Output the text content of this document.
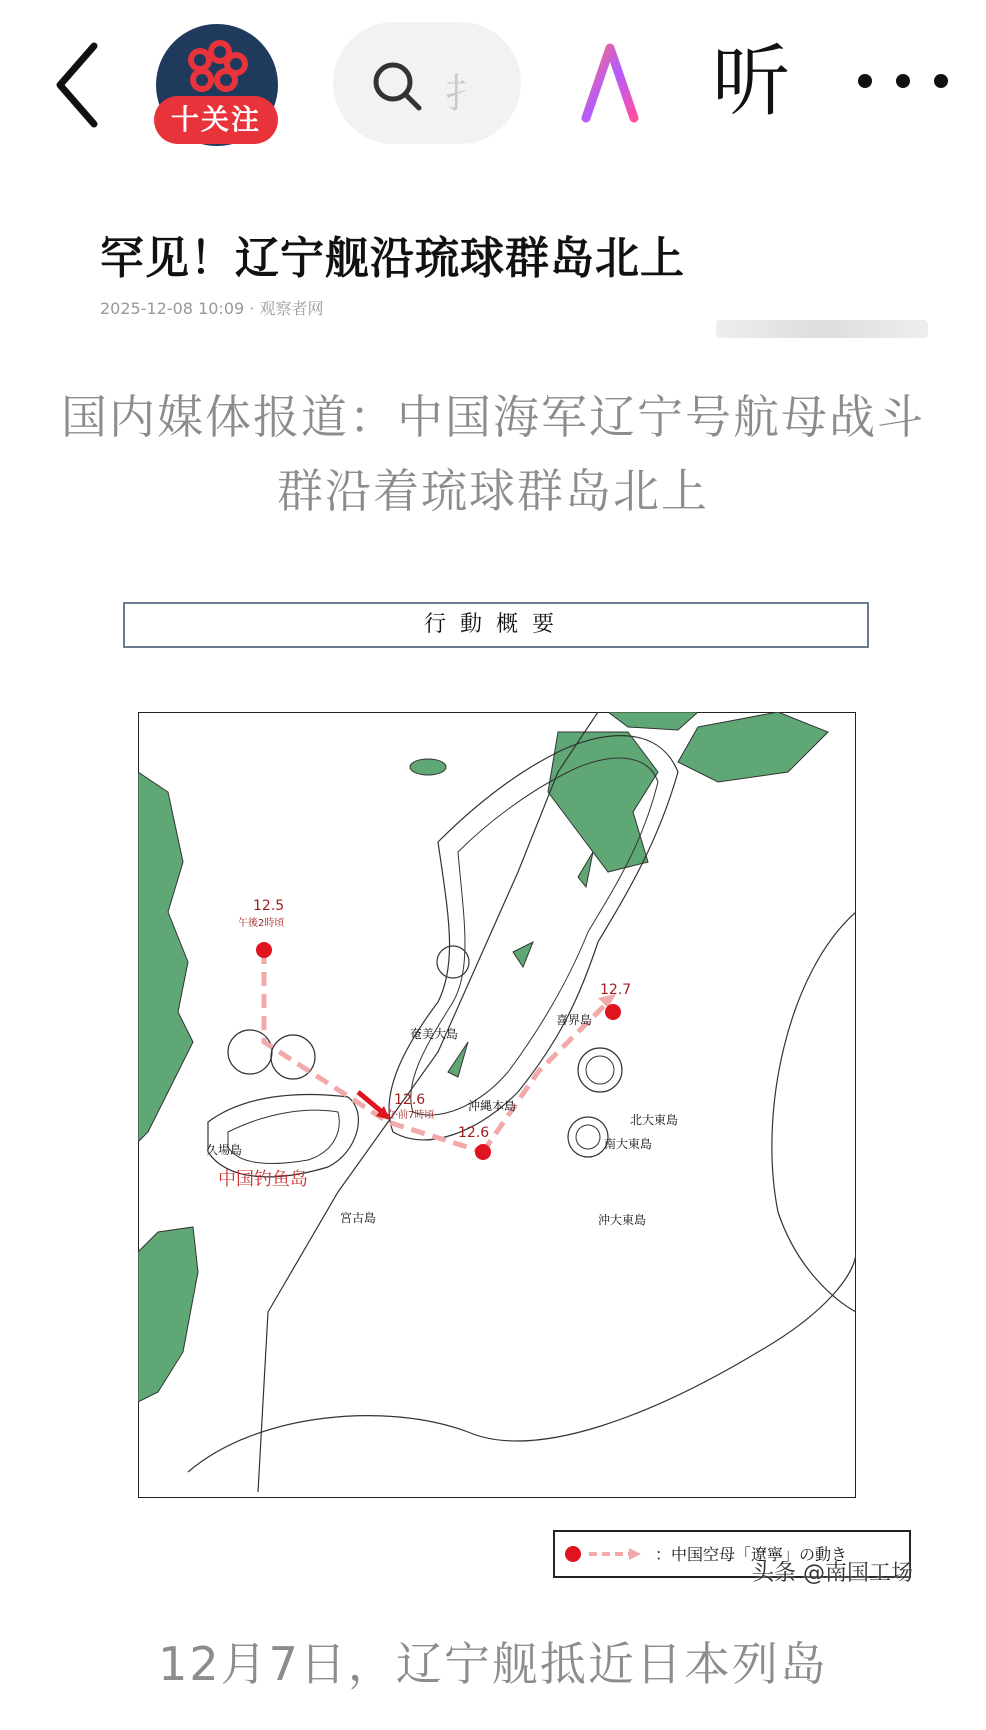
十关注
扌	听
罕见！辽宁舰沿琉球群岛北上
2025-12-08 10:09 · 观察者网
国内媒体报道：中国海军辽宁号航母战斗群沿着琉球群岛北上
行動概要
12.5
午後2時頃
12.6
午前7時頃
12.6
12.7
奄美大島
喜界島
沖縄本島
久場島
中国钓鱼岛
宮古島
北大東島
南大東島
沖大東島
：中国空母「遼寧」の動き
头条 @南国工场
12月7日，辽宁舰抵近日本列岛
